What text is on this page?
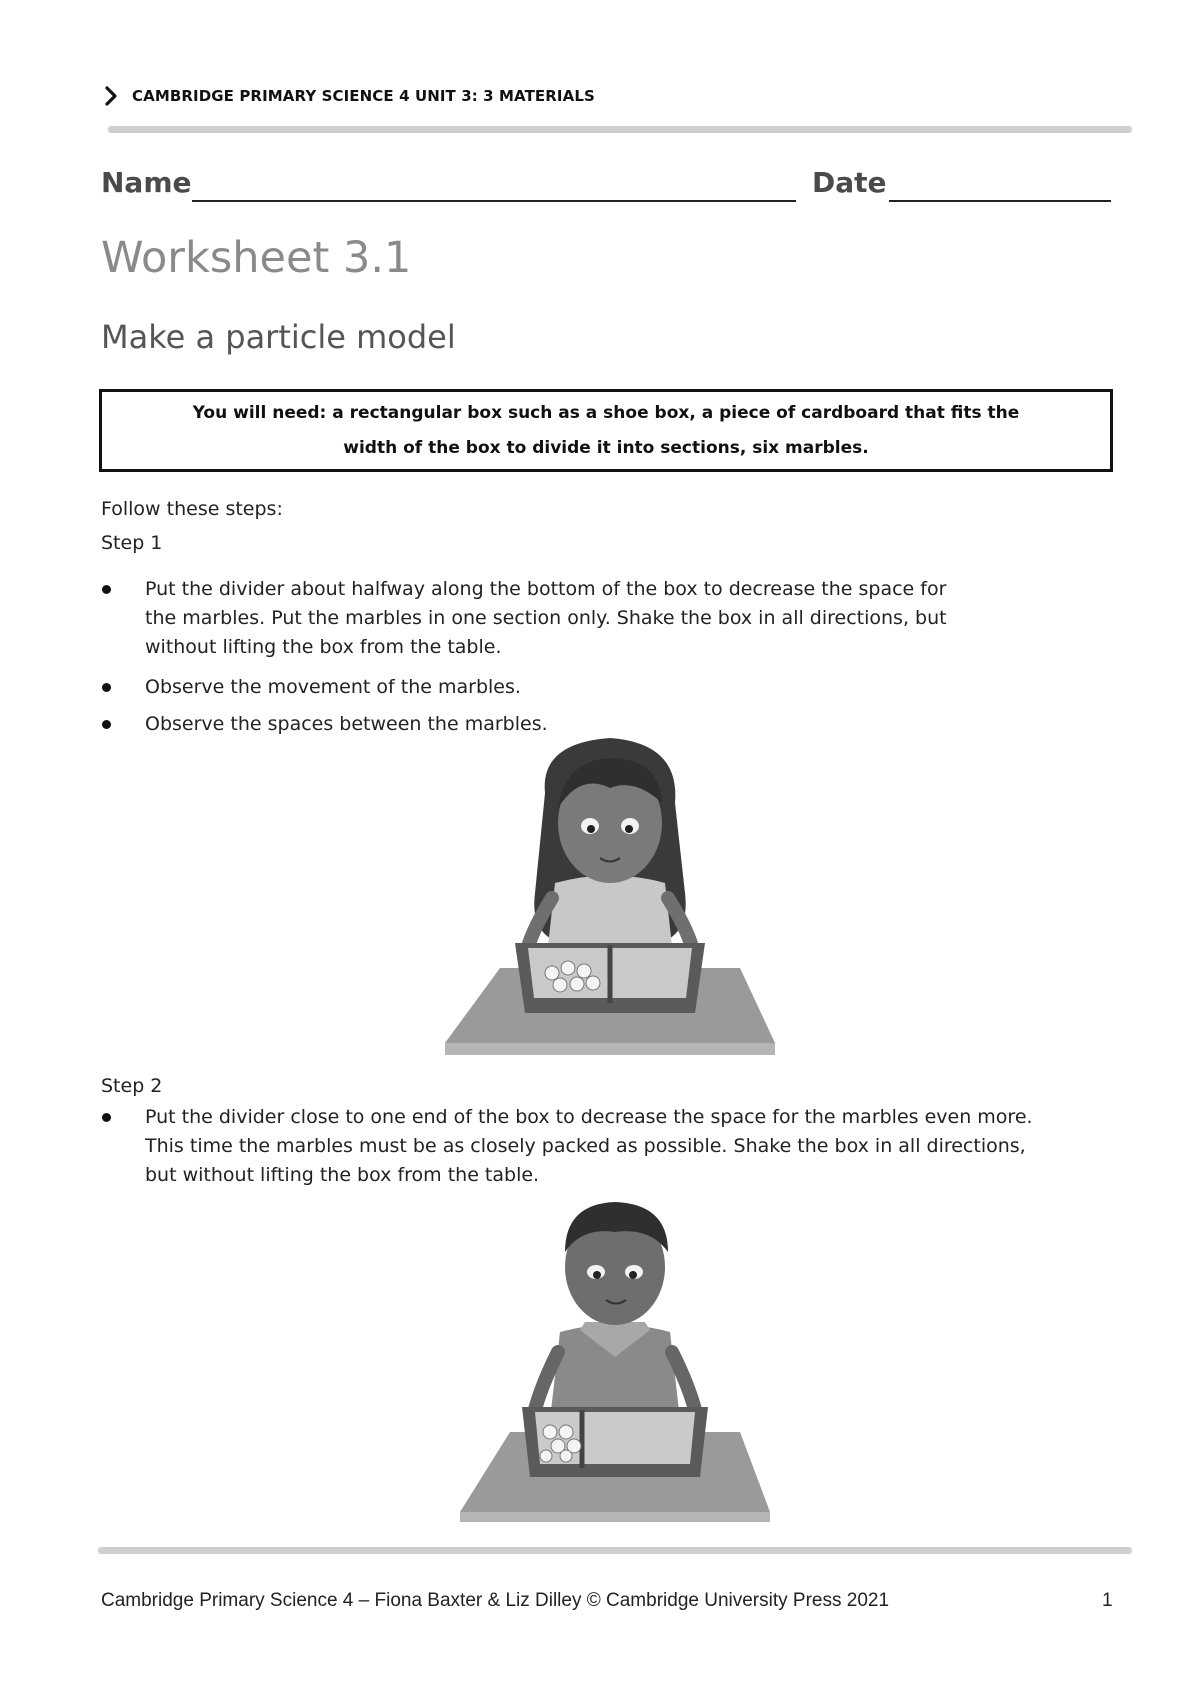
CAMBRIDGE PRIMARY SCIENCE 4 UNIT 3: 3 MATERIALS
Name	Date
Worksheet 3.1
Make a particle model
You will need: a rectangular box such as a shoe box, a piece of cardboard that fits the width of the box to divide it into sections, six marbles.
Follow these steps:
Step 1
Put the divider about halfway along the bottom of the box to decrease the space for the marbles. Put the marbles in one section only. Shake the box in all directions, but without lifting the box from the table.
Observe the movement of the marbles.
Observe the spaces between the marbles.
Step 2
Put the divider close to one end of the box to decrease the space for the marbles even more. This time the marbles must be as closely packed as possible. Shake the box in all directions, but without lifting the box from the table.
Cambridge Primary Science 4 – Fiona Baxter & Liz Dilley © Cambridge University Press 2021	1
